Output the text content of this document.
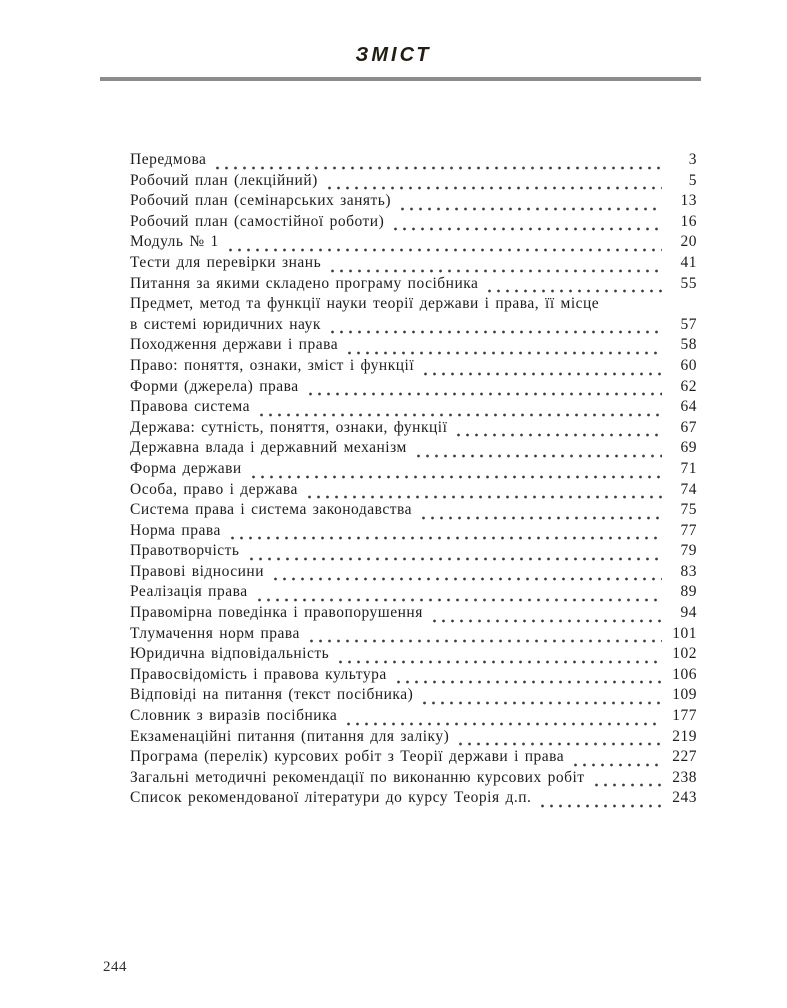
ЗМІСТ
Передмова	3
Робочий план (лекційний)	5
Робочий план (семінарських занять)	13
Робочий план (самостійної роботи)	16
Модуль № 1	20
Тести для перевірки знань	41
Питання за якими складено програму посібника	55
Предмет, метод та функції науки теорії держави і права, її місце
в системі юридичних наук	57
Походження держави і права	58
Право: поняття, ознаки, зміст і функції	60
Форми (джерела) права	62
Правова система	64
Держава: сутність, поняття, ознаки, функції	67
Державна влада і державний механізм	69
Форма держави	71
Особа, право і держава	74
Система права і система законодавства	75
Норма права	77
Правотворчість	79
Правові відносини	83
Реалізація права	89
Правомірна поведінка і правопорушення	94
Тлумачення норм права	101
Юридична відповідальність	102
Правосвідомість і правова культура	106
Відповіді на питання (текст посібника)	109
Словник з виразів посібника	177
Екзаменаційні питання (питання для заліку)	219
Програма (перелік) курсових робіт з Теорії держави і права	227
Загальні методичні рекомендації по виконанню курсових робіт	238
Список рекомендованої літератури до курсу Теорія д.п.	243
244
